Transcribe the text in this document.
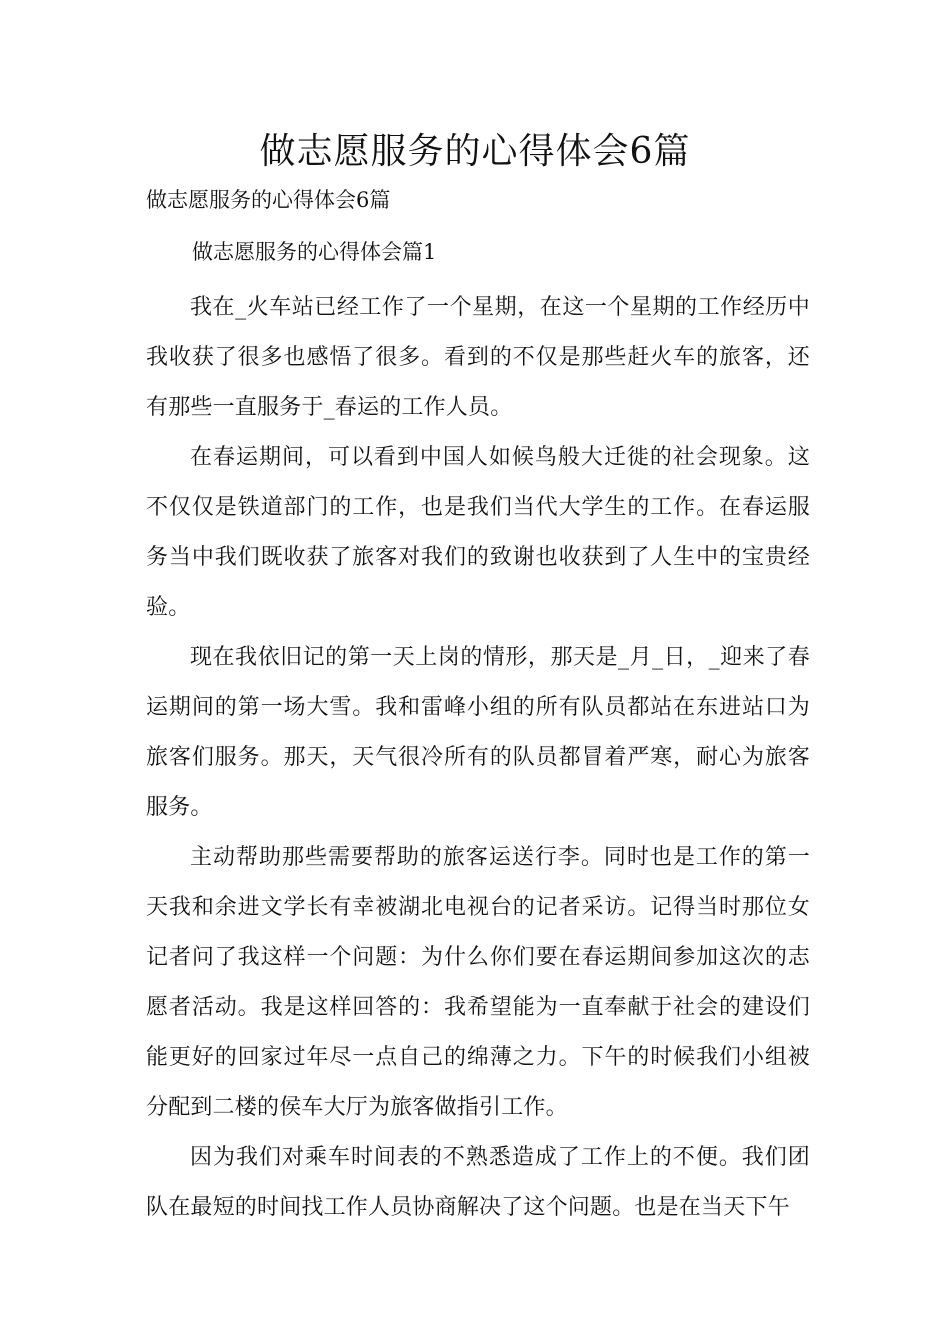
做志愿服务的心得体会6篇

做志愿服务的心得体会6篇

做志愿服务的心得体会篇1

我在_火车站已经工作了一个星期，在这一个星期的工作经历中我收获了很多也感悟了很多。看到的不仅是那些赶火车的旅客，还有那些一直服务于_春运的工作人员。

在春运期间，可以看到中国人如候鸟般大迁徙的社会现象。这不仅仅是铁道部门的工作，也是我们当代大学生的工作。在春运服务当中我们既收获了旅客对我们的致谢也收获到了人生中的宝贵经验。

现在我依旧记的第一天上岗的情形，那天是_月_日，_迎来了春运期间的第一场大雪。我和雷峰小组的所有队员都站在东进站口为旅客们服务。那天，天气很冷所有的队员都冒着严寒，耐心为旅客服务。

主动帮助那些需要帮助的旅客运送行李。同时也是工作的第一天我和余进文学长有幸被湖北电视台的记者采访。记得当时那位女记者问了我这样一个问题：为什么你们要在春运期间参加这次的志愿者活动。我是这样回答的：我希望能为一直奉献于社会的建设们能更好的回家过年尽一点自己的绵薄之力。下午的时候我们小组被分配到二楼的侯车大厅为旅客做指引工作。

因为我们对乘车时间表的不熟悉造成了工作上的不便。我们团队在最短的时间找工作人员协商解决了这个问题。也是在当天下午
